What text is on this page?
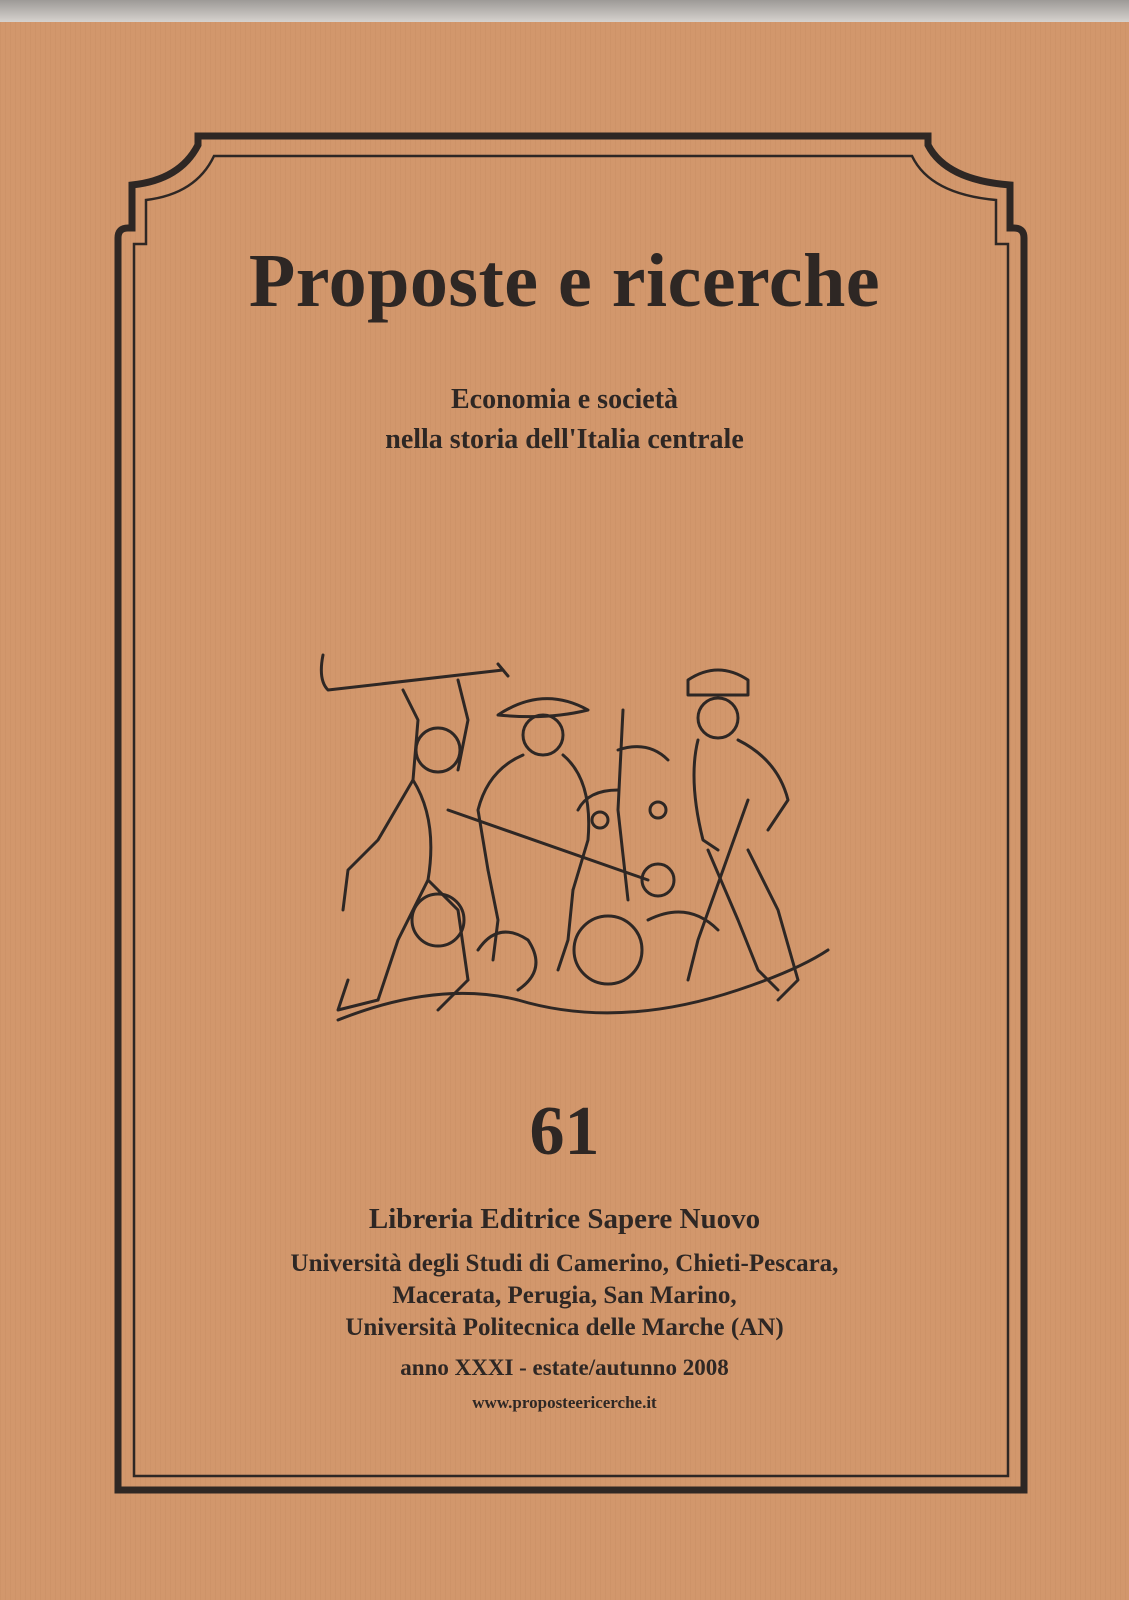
Proposte e ricerche

Economia e società

nella storia dell'Italia centrale

61

Libreria Editrice Sapere Nuovo

Università degli Studi di Camerino, Chieti-Pescara,

Macerata, Perugia, San Marino,

Università Politecnica delle Marche (AN)

anno XXXI - estate/autunno 2008

www.proposteericerche.it
